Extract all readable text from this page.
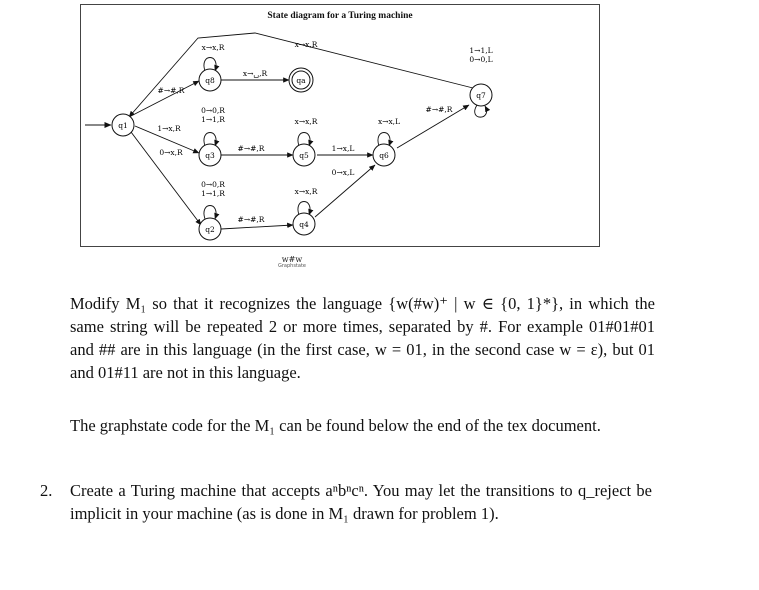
State diagram for a Turing machine
q1
q8	qa
q3	q5	q6
q7
q2
q4
x→x,R	x→x,R
x→␣,R
#→#,R
1→1,L
0→0,L
#→#,R
0→0,R
1→1,R	x→x,R	x→x,L
1→x,R
0→x,R	#→#,R	1→x,L
0→x,L
0→0,R
1→1,R	x→x,R
#→#,R
w#w
Graphstate
Modify M₁ so that it recognizes the language {w(#w)⁺ | w ∈ {0, 1}*}, in which the same string will be repeated 2 or more times, separated by #. For example 01#01#01 and ## are in this language (in the first case, w = 01, in the second case w = ε), but 01 and 01#11 are not in this language.
The graphstate code for the M₁ can be found below the end of the tex document.
2. Create a Turing machine that accepts aⁿbⁿcⁿ. You may let the transitions to q_reject be implicit in your machine (as is done in M₁ drawn for problem 1).
